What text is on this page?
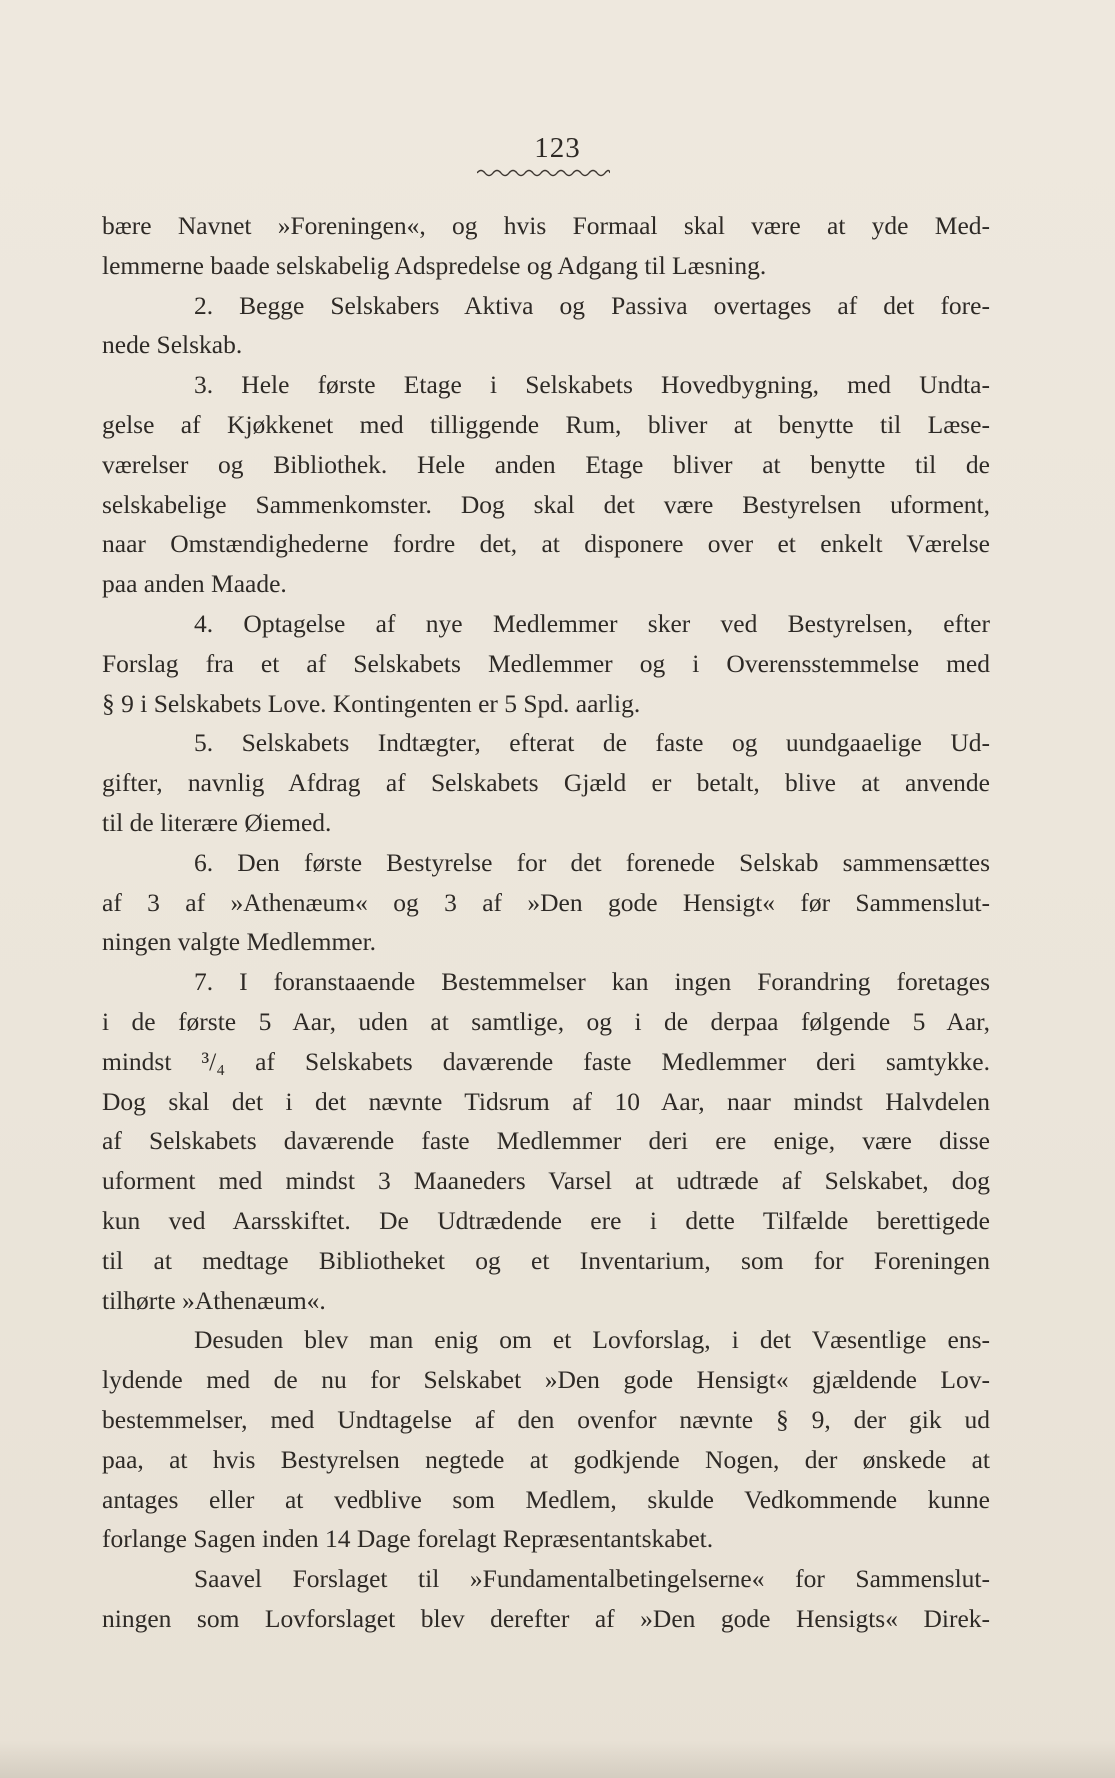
123
bære Navnet »Foreningen«, og hvis Formaal skal være at yde Med-
lemmerne baade selskabelig Adspredelse og Adgang til Læsning.
2. Begge Selskabers Aktiva og Passiva overtages af det fore-
nede Selskab.
3. Hele første Etage i Selskabets Hovedbygning, med Undta-
gelse af Kjøkkenet med tilliggende Rum, bliver at benytte til Læse-
værelser og Bibliothek. Hele anden Etage bliver at benytte til de
selskabelige Sammenkomster. Dog skal det være Bestyrelsen uforment,
naar Omstændighederne fordre det, at disponere over et enkelt Værelse
paa anden Maade.
4. Optagelse af nye Medlemmer sker ved Bestyrelsen, efter
Forslag fra et af Selskabets Medlemmer og i Overensstemmelse med
§ 9 i Selskabets Love. Kontingenten er 5 Spd. aarlig.
5. Selskabets Indtægter, efterat de faste og uundgaaelige Ud-
gifter, navnlig Afdrag af Selskabets Gjæld er betalt, blive at anvende
til de literære Øiemed.
6. Den første Bestyrelse for det forenede Selskab sammensættes
af 3 af »Athenæum« og 3 af »Den gode Hensigt« før Sammenslut-
ningen valgte Medlemmer.
7. I foranstaaende Bestemmelser kan ingen Forandring foretages
i de første 5 Aar, uden at samtlige, og i de derpaa følgende 5 Aar,
mindst ³/₄ af Selskabets daværende faste Medlemmer deri samtykke.
Dog skal det i det nævnte Tidsrum af 10 Aar, naar mindst Halvdelen
af Selskabets daværende faste Medlemmer deri ere enige, være disse
uforment med mindst 3 Maaneders Varsel at udtræde af Selskabet, dog
kun ved Aarsskiftet. De Udtrædende ere i dette Tilfælde berettigede
til at medtage Bibliotheket og et Inventarium, som for Foreningen
tilhørte »Athenæum«.
Desuden blev man enig om et Lovforslag, i det Væsentlige ens-
lydende med de nu for Selskabet »Den gode Hensigt« gjældende Lov-
bestemmelser, med Undtagelse af den ovenfor nævnte § 9, der gik ud
paa, at hvis Bestyrelsen negtede at godkjende Nogen, der ønskede at
antages eller at vedblive som Medlem, skulde Vedkommende kunne
forlange Sagen inden 14 Dage forelagt Repræsentantskabet.
Saavel Forslaget til »Fundamentalbetingelserne« for Sammenslut-
ningen som Lovforslaget blev derefter af »Den gode Hensigts« Direk-
